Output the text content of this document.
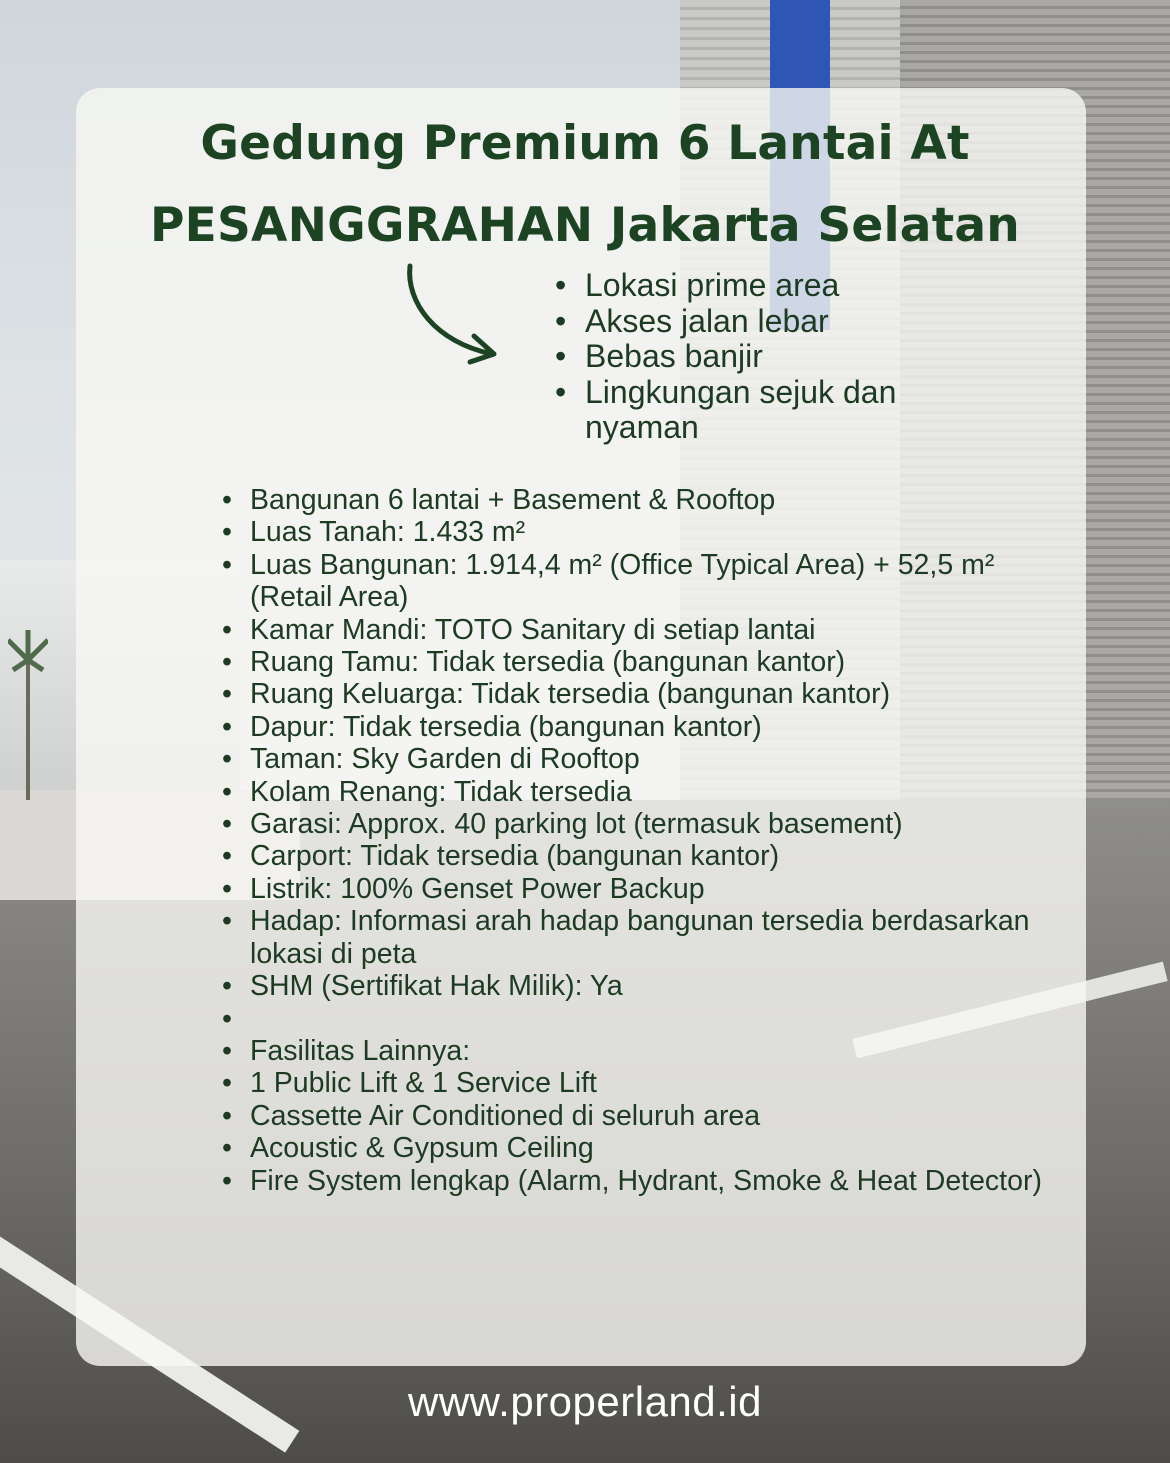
Gedung Premium 6 Lantai At
PESANGGRAHAN Jakarta Selatan
• Lokasi prime area
• Akses jalan lebar
• Bebas banjir
• Lingkungan sejuk dan nyaman
• Bangunan 6 lantai + Basement & Rooftop
• Luas Tanah: 1.433 m²
• Luas Bangunan: 1.914,4 m² (Office Typical Area) + 52,5 m² (Retail Area)
• Kamar Mandi: TOTO Sanitary di setiap lantai
• Ruang Tamu: Tidak tersedia (bangunan kantor)
• Ruang Keluarga: Tidak tersedia (bangunan kantor)
• Dapur: Tidak tersedia (bangunan kantor)
• Taman: Sky Garden di Rooftop
• Kolam Renang: Tidak tersedia
• Garasi: Approx. 40 parking lot (termasuk basement)
• Carport: Tidak tersedia (bangunan kantor)
• Listrik: 100% Genset Power Backup
• Hadap: Informasi arah hadap bangunan tersedia berdasarkan lokasi di peta
• SHM (Sertifikat Hak Milik): Ya
•
• Fasilitas Lainnya:
• 1 Public Lift & 1 Service Lift
• Cassette Air Conditioned di seluruh area
• Acoustic & Gypsum Ceiling
• Fire System lengkap (Alarm, Hydrant, Smoke & Heat Detector)
www.properland.id
